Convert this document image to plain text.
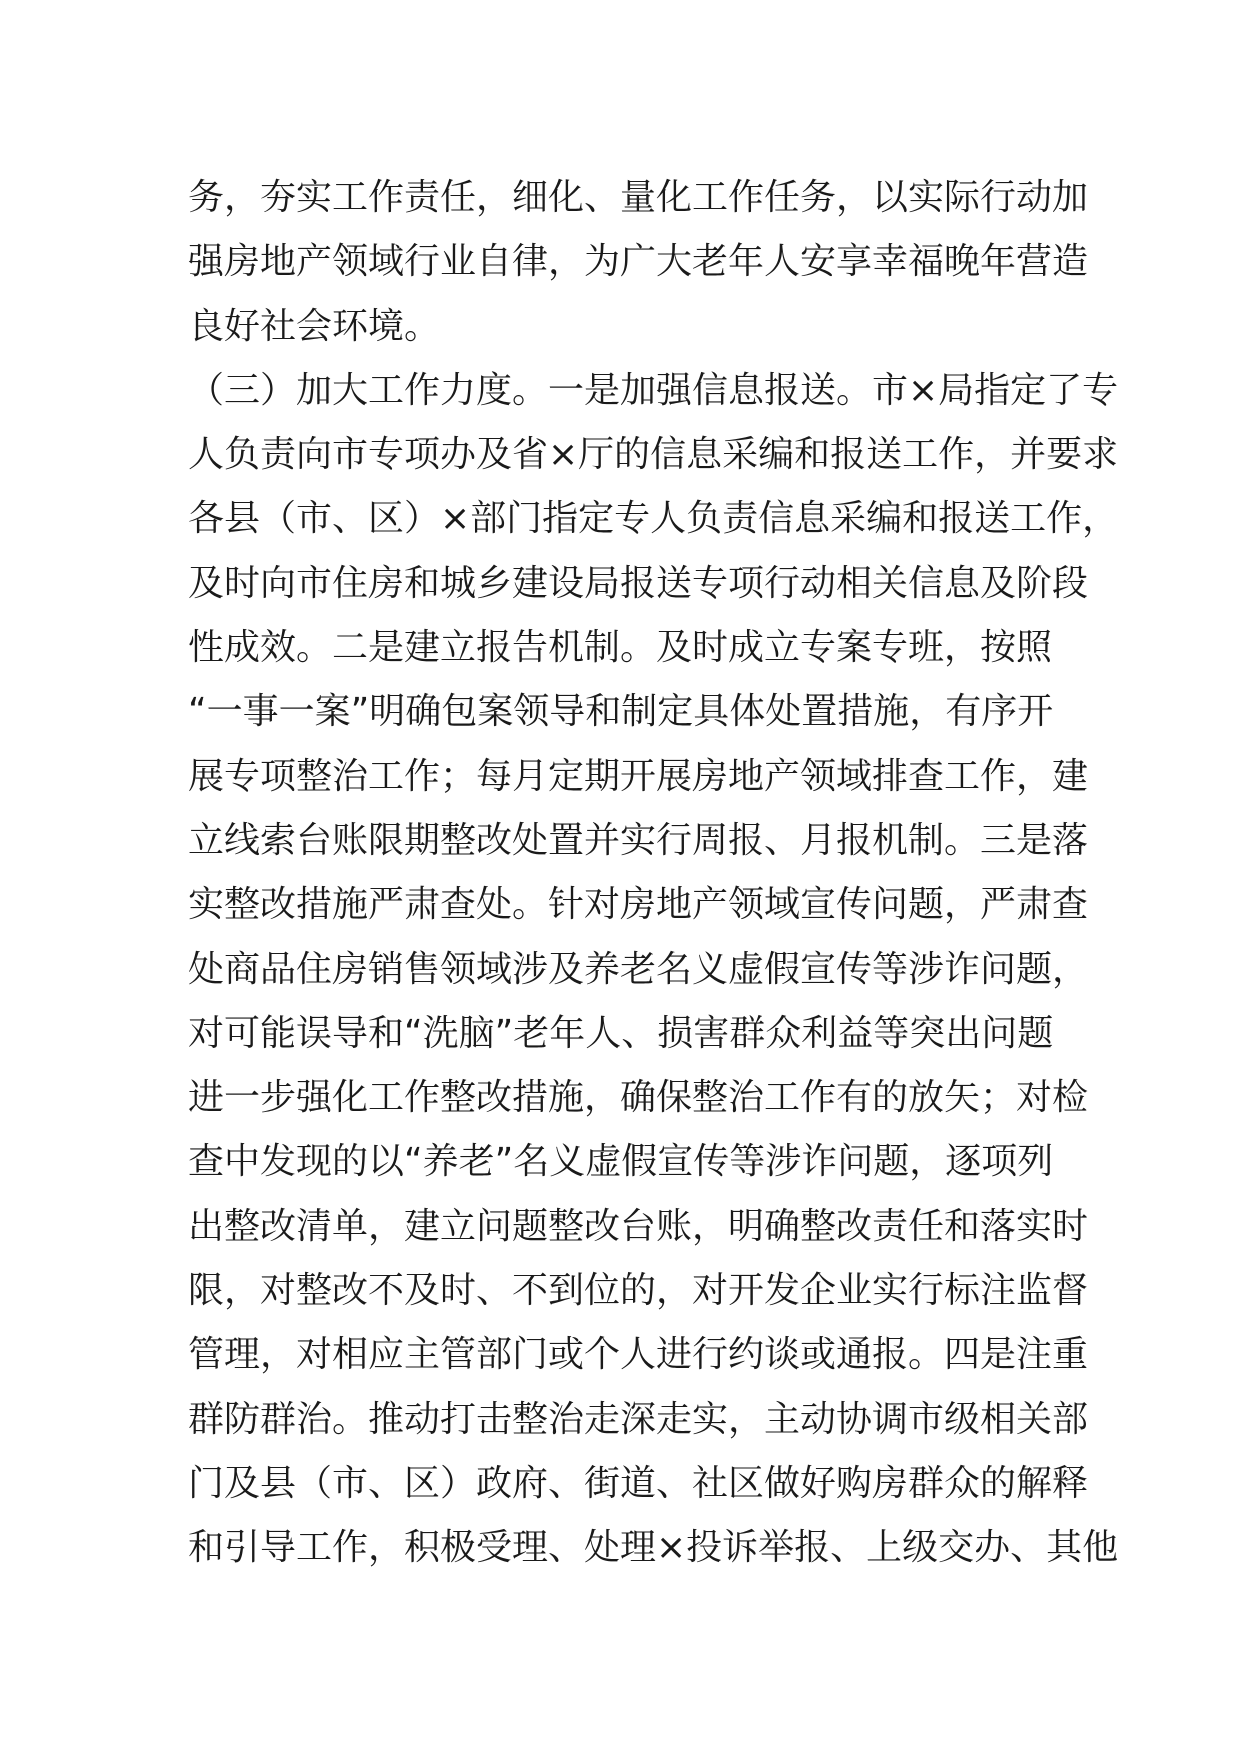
务，夯实工作责任，细化、量化工作任务，以实际行动加
强房地产领域行业自律，为广大老年人安享幸福晚年营造
良好社会环境。
（三）加大工作力度。一是加强信息报送。市×局指定了专
人负责向市专项办及省×厅的信息采编和报送工作，并要求
各县（市、区）×部门指定专人负责信息采编和报送工作，
及时向市住房和城乡建设局报送专项行动相关信息及阶段
性成效。二是建立报告机制。及时成立专案专班，按照
“一事一案”明确包案领导和制定具体处置措施，有序开
展专项整治工作；每月定期开展房地产领域排查工作，建
立线索台账限期整改处置并实行周报、月报机制。三是落
实整改措施严肃查处。针对房地产领域宣传问题，严肃查
处商品住房销售领域涉及养老名义虚假宣传等涉诈问题，
对可能误导和“洗脑”老年人、损害群众利益等突出问题
进一步强化工作整改措施，确保整治工作有的放矢；对检
查中发现的以“养老”名义虚假宣传等涉诈问题，逐项列
出整改清单，建立问题整改台账，明确整改责任和落实时
限，对整改不及时、不到位的，对开发企业实行标注监督
管理，对相应主管部门或个人进行约谈或通报。四是注重
群防群治。推动打击整治走深走实，主动协调市级相关部
门及县（市、区）政府、街道、社区做好购房群众的解释
和引导工作，积极受理、处理×投诉举报、上级交办、其他
